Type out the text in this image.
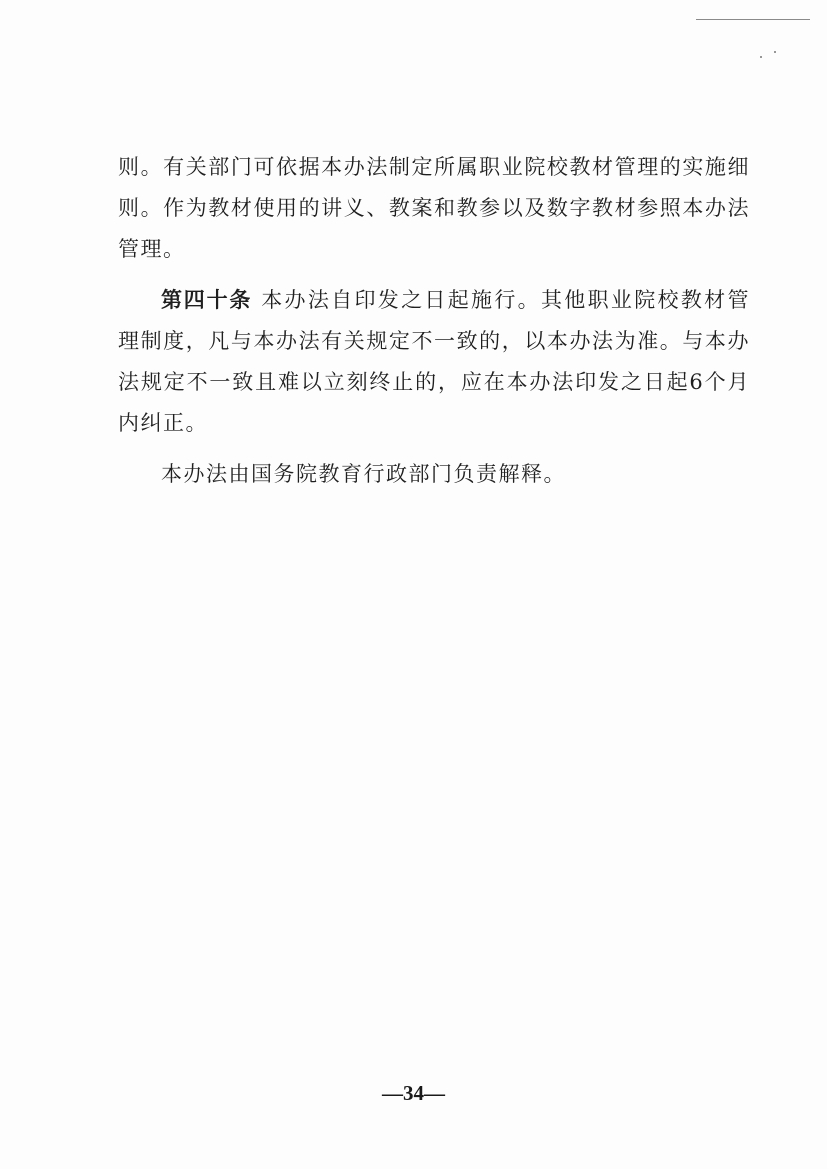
则。有关部门可依据本办法制定所属职业院校教材管理的实施细
则。作为教材使用的讲义、教案和教参以及数字教材参照本办法
管理。
第四十条 本办法自印发之日起施行。其他职业院校教材管
理制度，凡与本办法有关规定不一致的，以本办法为准。与本办
法规定不一致且难以立刻终止的，应在本办法印发之日起6个月
内纠正。
本办法由国务院教育行政部门负责解释。
—34—
